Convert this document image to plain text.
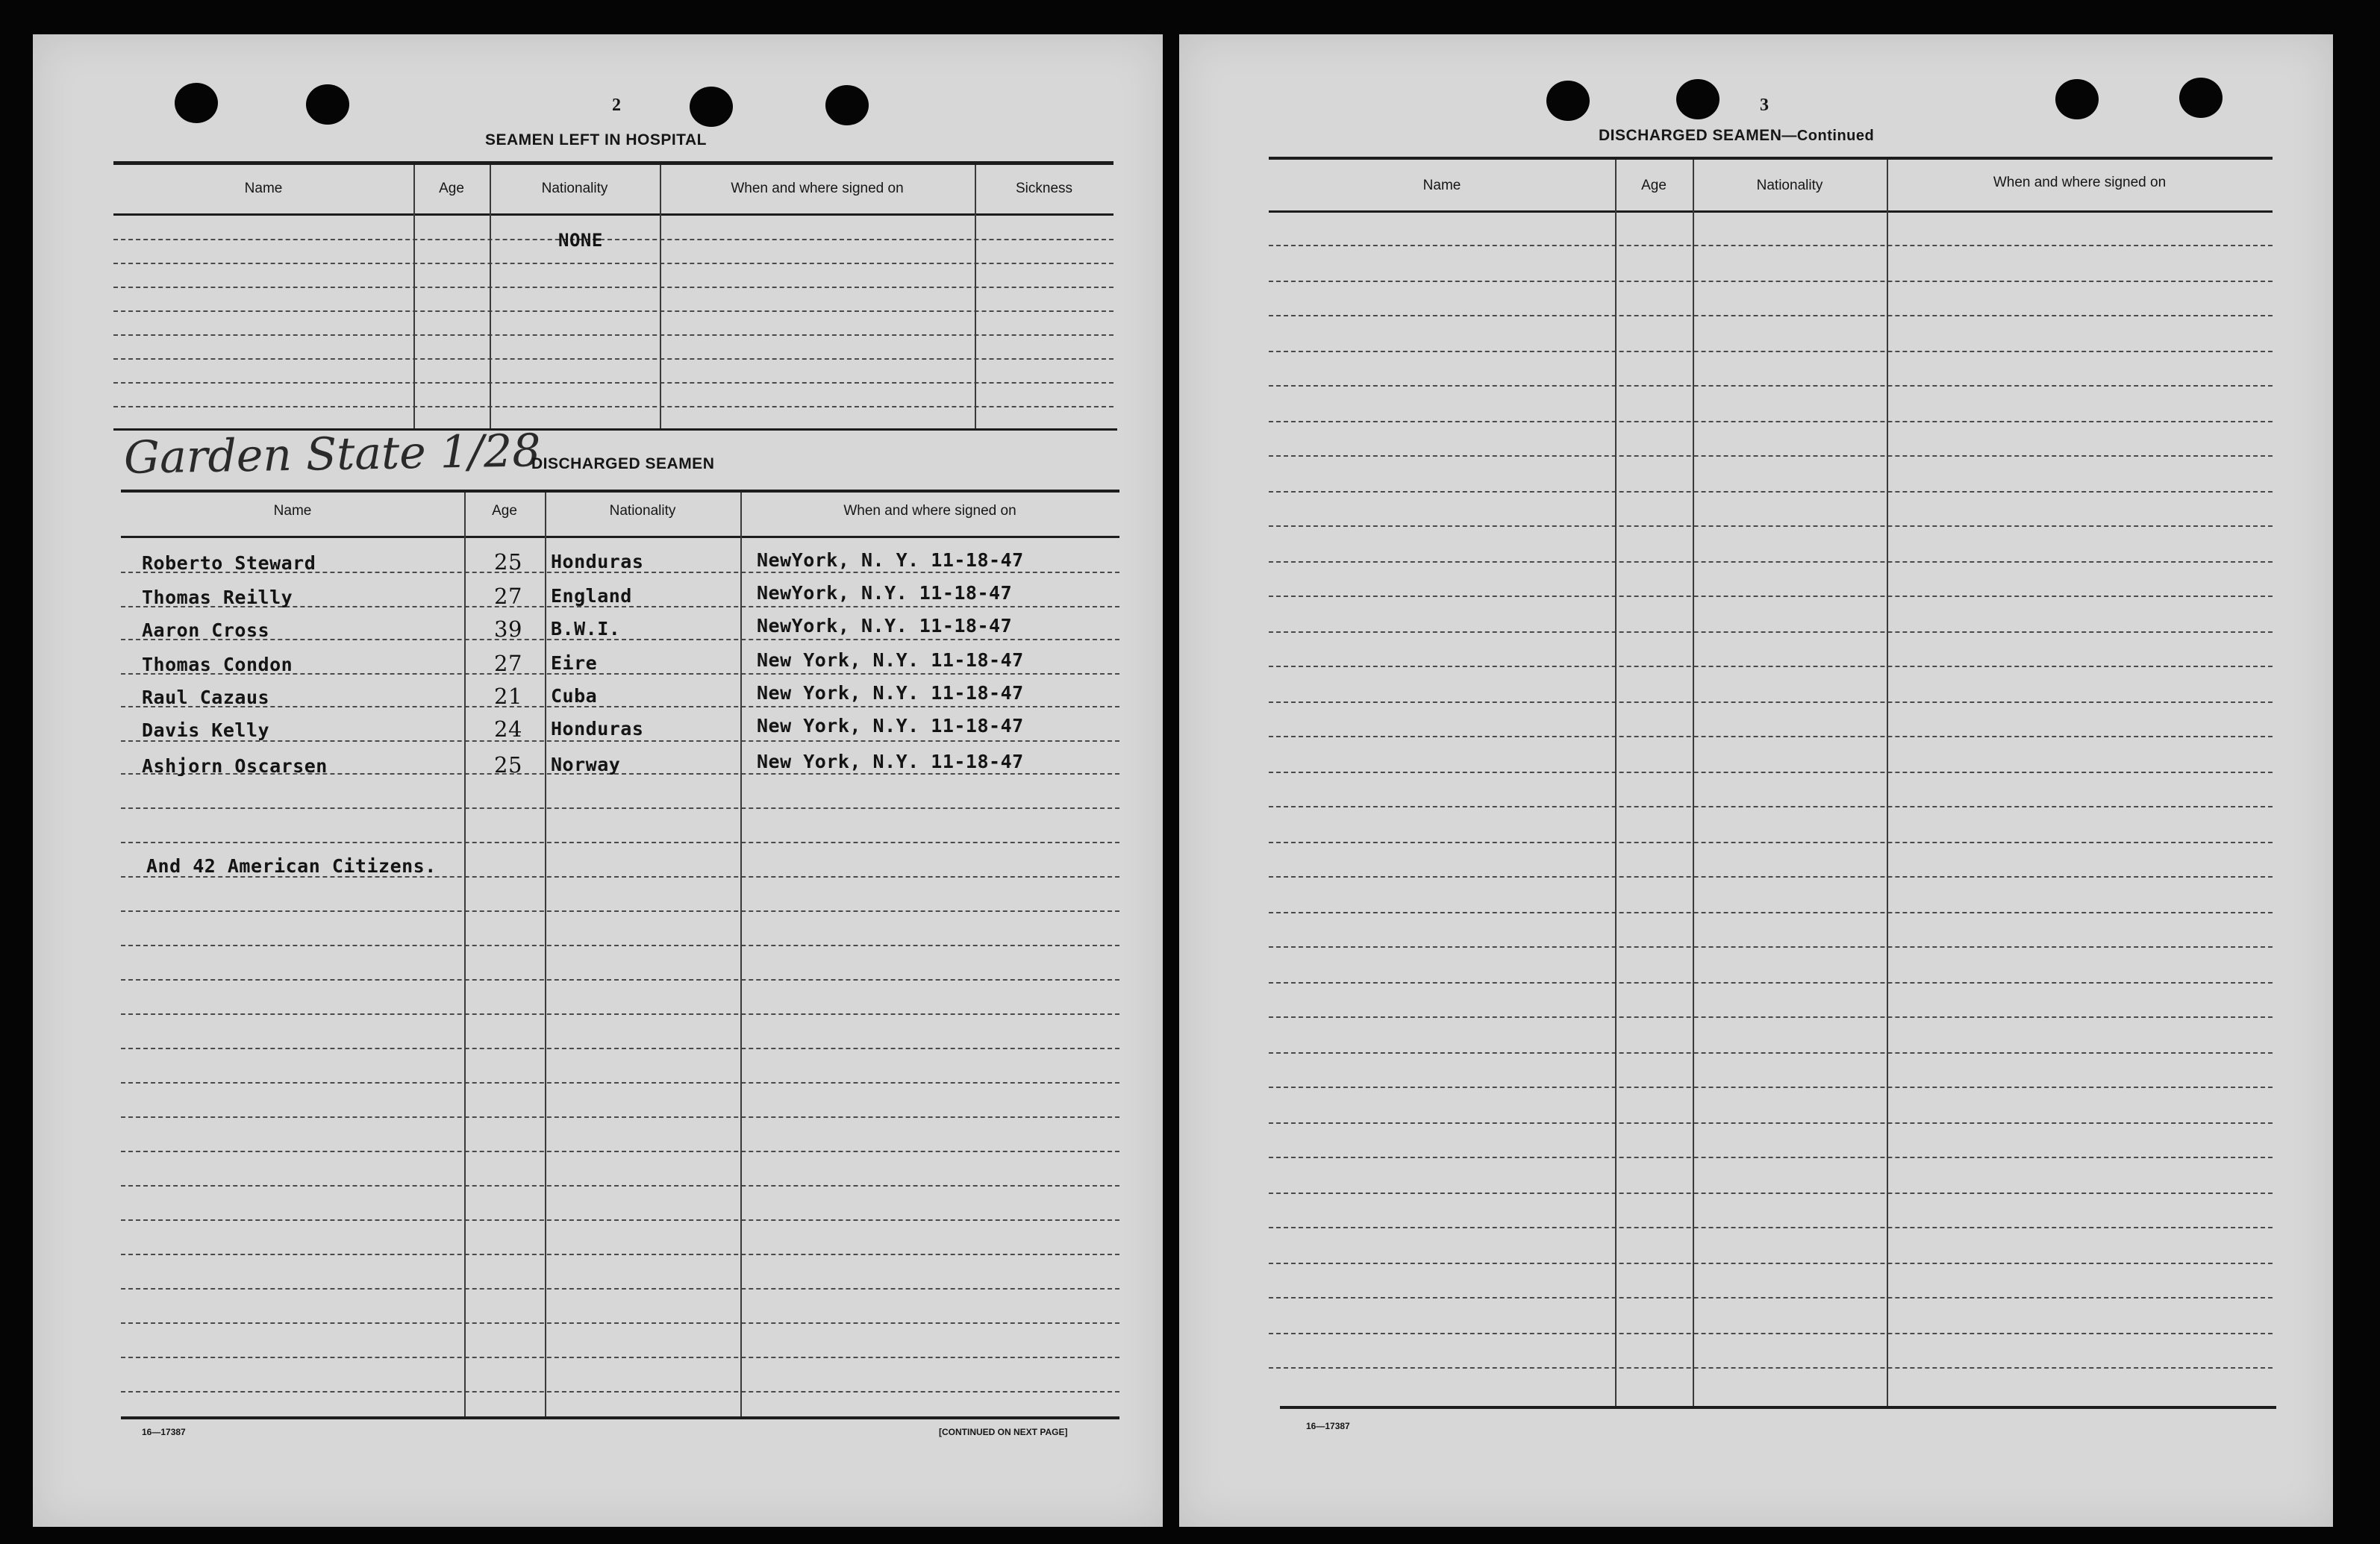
2
SEAMEN LEFT IN HOSPITAL
Name	Age	Nationality	When and where signed on	Sickness
NONE
Garden State 1/28
DISCHARGED SEAMEN
Name	Age	Nationality	When and where signed on
Roberto Steward	25 Honduras	NewYork, N. Y. 11-18-47
Thomas Reilly	27 England	NewYork, N.Y. 11-18-47
Aaron Cross	39 B.W.I.	NewYork, N.Y. 11-18-47
Thomas Condon	27 Eire	New York, N.Y. 11-18-47
Raul Cazaus	21 Cuba	New York, N.Y. 11-18-47
Davis Kelly	24 Honduras	New York, N.Y. 11-18-47
Ashjorn Oscarsen	25 Norway	New York, N.Y. 11-18-47
And 42 American Citizens.
16—17387	[CONTINUED ON NEXT PAGE]
3
DISCHARGED SEAMEN—Continued
Name	Age	Nationality	When and where signed on
16—17387
